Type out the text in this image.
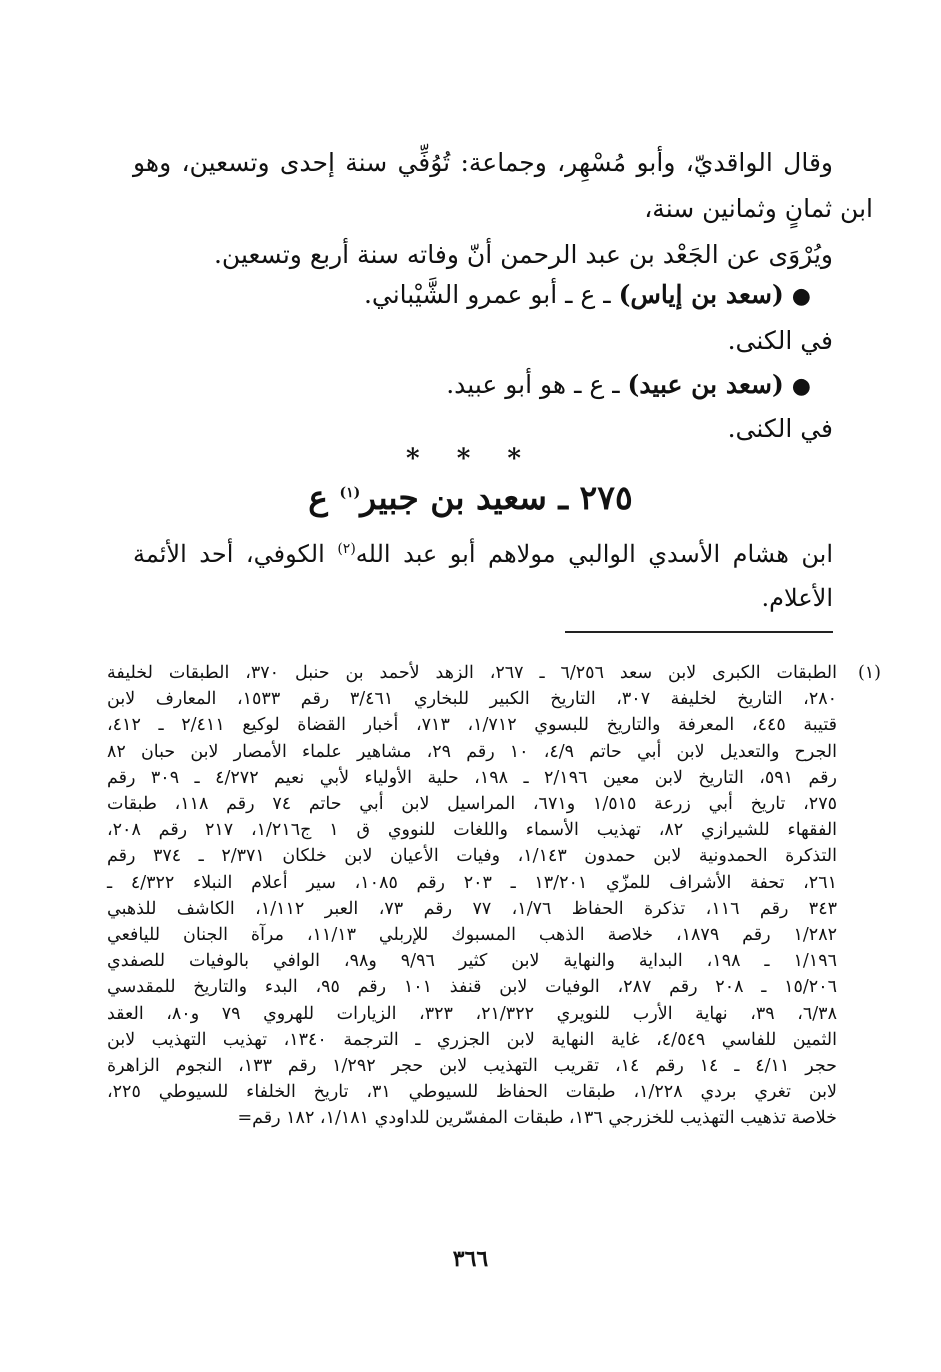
وقال الواقديّ، وأبو مُسْهِر، وجماعة: تُوُفِّي سنة إحدى وتسعين، وهو
ابن ثمانٍ وثمانين سنة،
ويُرْوَى عن الجَعْد بن عبد الرحمن أنّ وفاته سنة أربع وتسعين.
●(سعد بن إياس) ـ ع ـ أبو عمرو الشَّيْباني.
في الكنى.
●(سعد بن عبيد) ـ ع ـ هو أبو عبيد.
في الكنى.
* * *
٢٧٥ ـ سعيد بن جبير$^{(١)}$ ع
ابن هشام الأسدي الوالبي مولاهم أبو عبد الله$^{(٢)}$ الكوفي، أحد الأئمة
الأعلام.
(١)
الطبقات الكبرى لابن سعد ٦/٢٥٦ ـ ٢٦٧، الزهد لأحمد بن حنبل ٣٧٠، الطبقات لخليفة
٢٨٠، التاريخ لخليفة ٣٠٧، التاريخ الكبير للبخاري ٣/٤٦١ رقم ١٥٣٣، المعارف لابن
قتيبة ٤٤٥، المعرفة والتاريخ للبسوي ١/٧١٢، ٧١٣، أخبار القضاة لوكيع ٢/٤١١ ـ ٤١٢،
الجرح والتعديل لابن أبي حاتم ٤/٩، ١٠ رقم ٢٩، مشاهير علماء الأمصار لابن حبان ٨٢
رقم ٥٩١، التاريخ لابن معين ٢/١٩٦ ـ ١٩٨، حلية الأولياء لأبي نعيم ٤/٢٧٢ ـ ٣٠٩ رقم
٢٧٥، تاريخ أبي زرعة ١/٥١٥ و٦٧١، المراسيل لابن أبي حاتم ٧٤ رقم ١١٨، طبقات
الفقهاء للشيرازي ٨٢، تهذيب الأسماء واللغات للنووي ق ١ ج١/٢١٦، ٢١٧ رقم ٢٠٨،
التذكرة الحمدونية لابن حمدون ١/١٤٣، وفيات الأعيان لابن خلكان ٢/٣٧١ ـ ٣٧٤ رقم
٢٦١، تحفة الأشراف للمزّي ١٣/٢٠١ ـ ٢٠٣ رقم ١٠٨٥، سير أعلام النبلاء ٤/٣٢٢ ـ
٣٤٣ رقم ١١٦، تذكرة الحفاظ ١/٧٦، ٧٧ رقم ٧٣، العبر ١/١١٢، الكاشف للذهبي
١/٢٨٢ رقم ١٨٧٩، خلاصة الذهب المسبوك للإربلي ١١/١٣، مرآة الجنان لليافعي
١/١٩٦ ـ ١٩٨، البداية والنهاية لابن كثير ٩/٩٦ و٩٨، الوافي بالوفيات للصفدي
١٥/٢٠٦ ـ ٢٠٨ رقم ٢٨٧، الوفيات لابن قنفذ ١٠١ رقم ٩٥، البدء والتاريخ للمقدسي
٦/٣٨، ٣٩، نهاية الأرب للنويري ٢١/٣٢٢، ٣٢٣، الزيارات للهروي ٧٩ و٨٠، العقد
الثمين للفاسي ٤/٥٤٩، غاية النهاية لابن الجزري ـ الترجمة ١٣٤٠، تهذيب التهذيب لابن
حجر ٤/١١ ـ ١٤ رقم ١٤، تقريب التهذيب لابن حجر ١/٢٩٢ رقم ١٣٣، النجوم الزاهرة
لابن تغري بردي ١/٢٢٨، طبقات الحفاظ للسيوطي ٣١، تاريخ الخلفاء للسيوطي ٢٢٥،
خلاصة تذهيب التهذيب للخزرجي ١٣٦، طبقات المفسّرين للداودي ١/١٨١، ١٨٢ رقم=
٣٦٦
